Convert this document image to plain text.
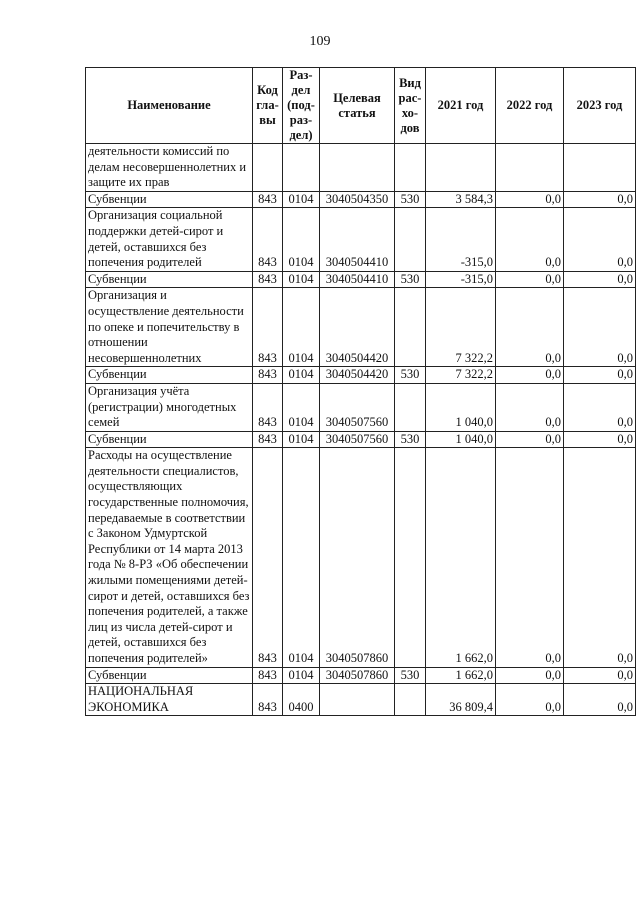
109
Наименование	Код гла- вы	Раз- дел (под- раз- дел)	Целевая статья	Вид рас- хо- дов	2021 год	2022 год	2023 год
деятельности комиссий по делам несовершеннолетних и защите их прав							
Субвенции	843	0104	3040504350	530	3 584,3	0,0	0,0
Организация социальной поддержки детей-сирот и детей, оставшихся без попечения родителей	843	0104	3040504410		-315,0	0,0	0,0
Субвенции	843	0104	3040504410	530	-315,0	0,0	0,0
Организация и осуществление деятельности по опеке и попечительству в отношении несовершеннолетних	843	0104	3040504420		7 322,2	0,0	0,0
Субвенции	843	0104	3040504420	530	7 322,2	0,0	0,0
Организация учёта (регистрации) многодетных семей	843	0104	3040507560		1 040,0	0,0	0,0
Субвенции	843	0104	3040507560	530	1 040,0	0,0	0,0
Расходы на осуществление деятельности специалистов, осуществляющих государственные полномочия, передаваемые в соответствии с Законом Удмуртской Республики от 14 марта 2013 года № 8-РЗ «Об обеспечении жилыми помещениями детей-сирот и детей, оставшихся без попечения родителей, а также лиц из числа детей-сирот и детей, оставшихся без попечения родителей»	843	0104	3040507860		1 662,0	0,0	0,0
Субвенции	843	0104	3040507860	530	1 662,0	0,0	0,0
НАЦИОНАЛЬНАЯ ЭКОНОМИКА	843	0400			36 809,4	0,0	0,0
